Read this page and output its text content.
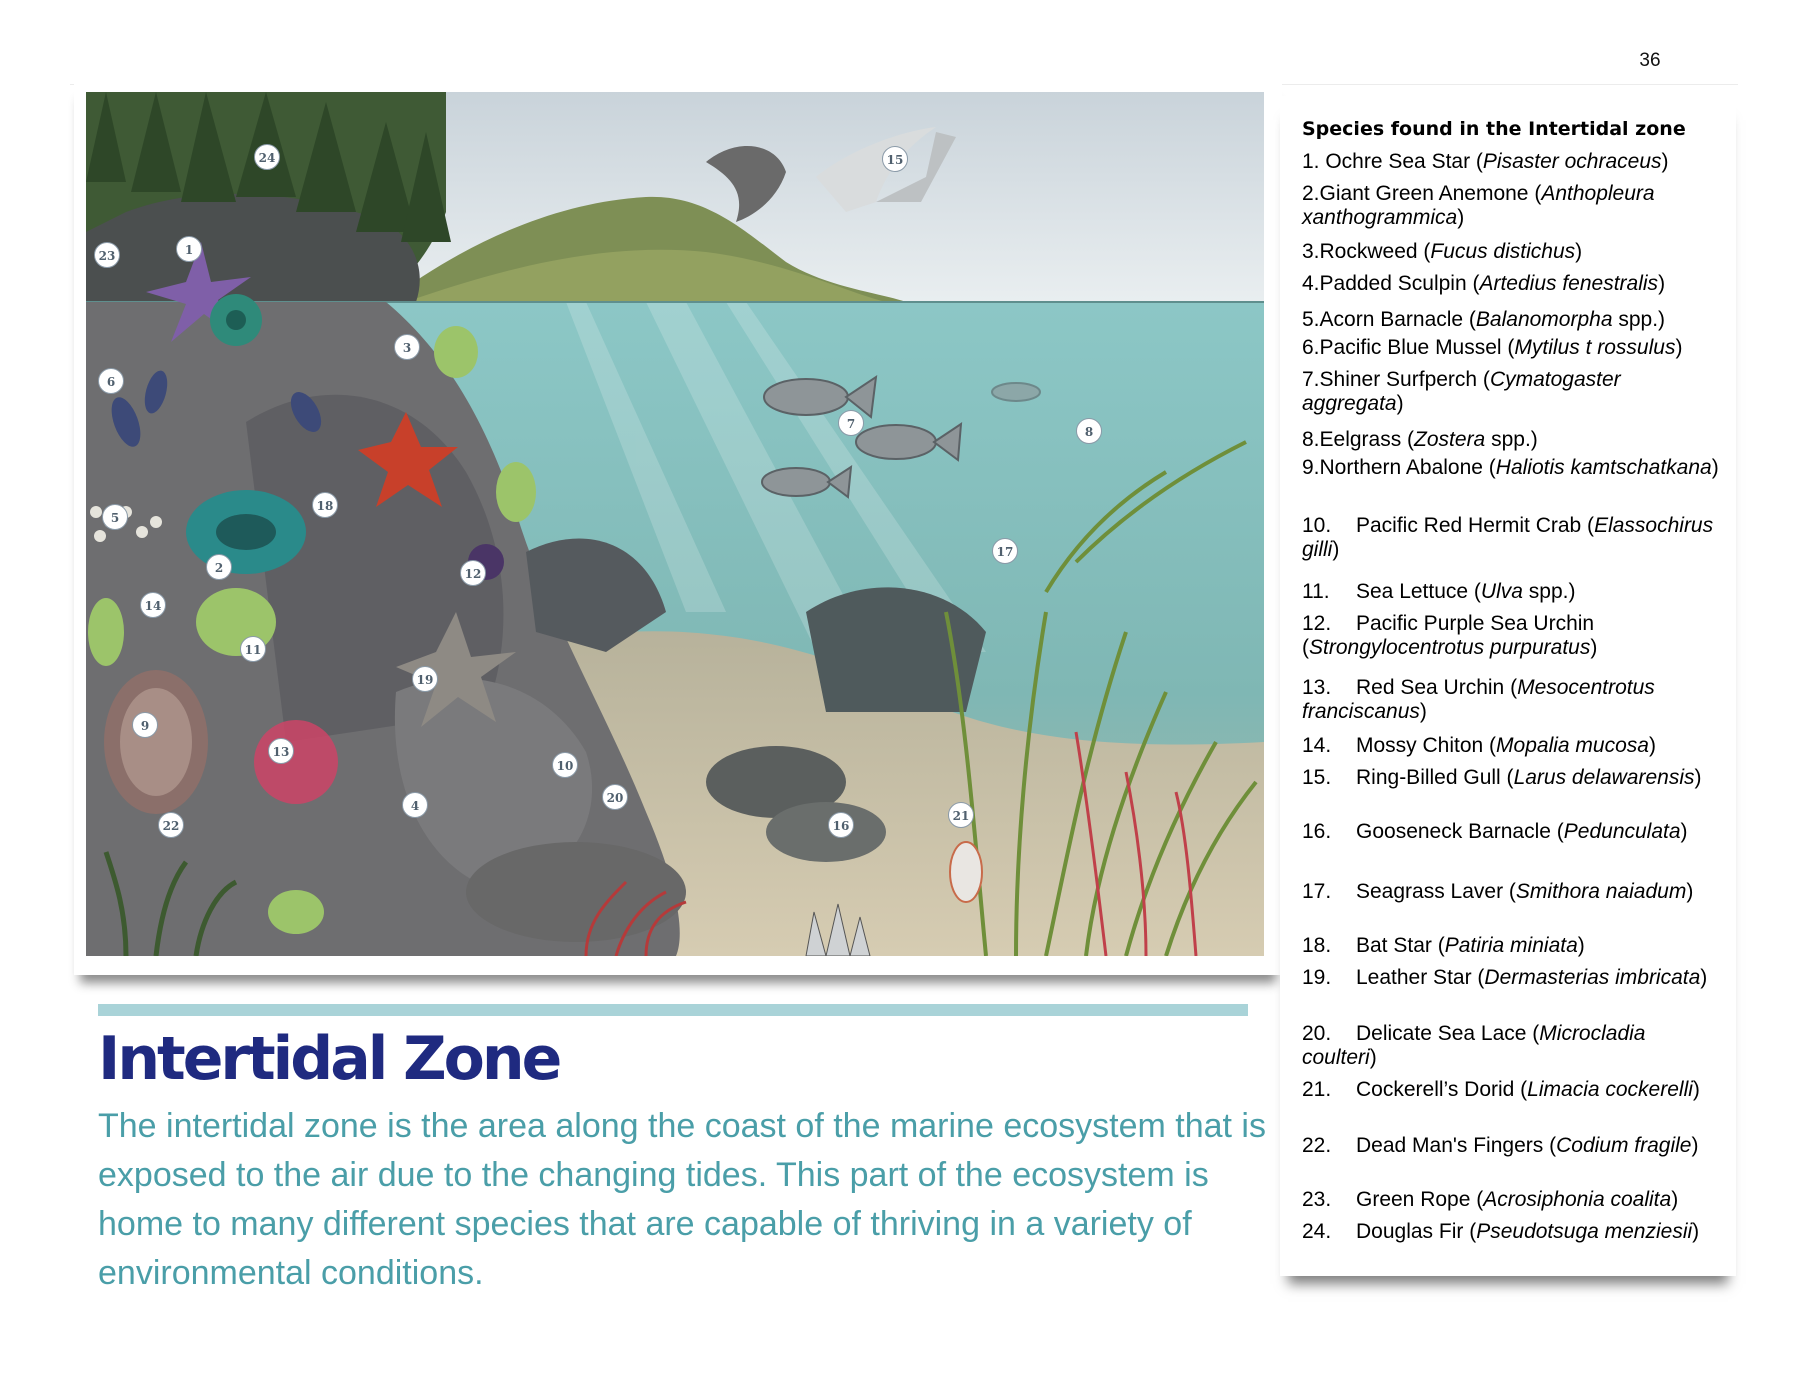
36
24
1
23
15
3
6
7
8
18
5
2	12
17
14
11
19
9
13
10
20
4
22
21
16
Species found in the Intertidal zone
1. Ochre Sea Star (Pisaster ochraceus)
2.Giant Green Anemone (Anthopleura xanthogrammica)
3.Rockweed (Fucus distichus)
4.Padded Sculpin (Artedius fenestralis)
5.Acorn Barnacle (Balanomorpha spp.)
6.Pacific Blue Mussel (Mytilus t rossulus)
7.Shiner Surfperch (Cymatogaster aggregata)
8.Eelgrass (Zostera spp.)
9.Northern Abalone (Haliotis kamtschatkana)
10. Pacific Red Hermit Crab (Elassochirus gilli)
11. Sea Lettuce (Ulva spp.)
12. Pacific Purple Sea Urchin (Strongylocentrotus purpuratus)
13. Red Sea Urchin (Mesocentrotus franciscanus)
14. Mossy Chiton (Mopalia mucosa)
15. Ring-Billed Gull (Larus delawarensis)
16. Gooseneck Barnacle (Pedunculata)
17. Seagrass Laver (Smithora naiadum)
18. Bat Star (Patiria miniata)
19. Leather Star (Dermasterias imbricata)
20. Delicate Sea Lace (Microcladia coulteri)
21. Cockerell’s Dorid (Limacia cockerelli)
22. Dead Man's Fingers (Codium fragile)
23. Green Rope (Acrosiphonia coalita)
24. Douglas Fir (Pseudotsuga menziesii)
Intertidal Zone

The intertidal zone is the area along the coast of the marine ecosystem that is exposed to the air due to the changing tides. This part of the ecosystem is home to many different species that are capable of thriving in a variety of environmental conditions.
